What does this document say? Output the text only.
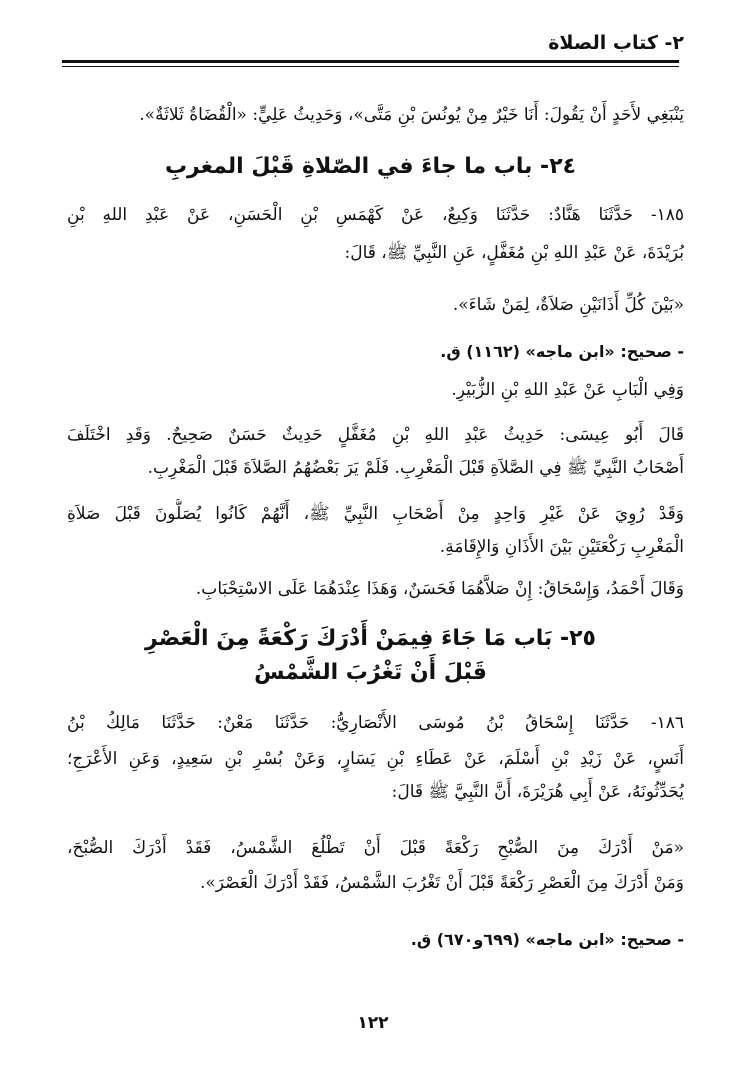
٢- كتاب الصلاة
يَنْبَغِي لأَحَدٍ أَنْ يَقُولَ: أَنَا خَيْرٌ مِنْ يُونُسَ بْنِ مَتَّى»، وَحَدِيثُ عَلِيٍّ: «الْقُضَاةُ ثَلاثَةٌ».
٢٤- باب ما جاءَ في الصّلاةِ قَبْلَ المغربِ
١٨٥- حَدَّثَنَا هَنَّادٌ: حَدَّثَنَا وَكِيعٌ، عَنْ كَهْمَسِ بْنِ الْحَسَنِ، عَنْ عَبْدِ اللهِ بْنِ
بُرَيْدَةَ، عَنْ عَبْدِ اللهِ بْنِ مُغَفَّلٍ، عَنِ النَّبِيِّ ﷺ، قَالَ:
«بَيْنَ كُلِّ أَذَانَيْنِ صَلاَةٌ، لِمَنْ شَاءَ».
- صحيح: «ابن ماجه» (١١٦٢) ق.
وَفِي الْبَابِ عَنْ عَبْدِ اللهِ بْنِ الزُّبَيْرِ.
قَالَ أَبُو عِيسَى: حَدِيثُ عَبْدِ اللهِ بْنِ مُغَفَّلٍ حَدِيثٌ حَسَنٌ صَحِيحٌ. وَقَدِ اخْتَلَفَ
أَصْحَابُ النَّبِيِّ ﷺ فِي الصَّلاَةِ قَبْلَ الْمَغْرِبِ. فَلَمْ يَرَ بَعْضُهُمُ الصَّلاَةَ قَبْلَ الْمَغْرِبِ.
وَقَدْ رُوِيَ عَنْ غَيْرِ وَاحِدٍ مِنْ أَصْحَابِ النَّبِيِّ ﷺ، أَنَّهُمْ كَانُوا يُصَلُّونَ قَبْلَ صَلاَةِ
الْمَغْرِبِ رَكْعَتَيْنِ بَيْنَ الأَذَانِ وَالإِقَامَةِ.
وَقَالَ أَحْمَدُ، وَإِسْحَاقُ: إِنْ صَلاَّهُمَا فَحَسَنٌ، وَهَذَا عِنْدَهُمَا عَلَى الاسْتِحْبَابِ.
٢٥- بَاب مَا جَاءَ فِيمَنْ أَدْرَكَ رَكْعَةً مِنَ الْعَصْرِ
قَبْلَ أَنْ تَغْرُبَ الشَّمْسُ
١٨٦- حَدَّثَنَا إِسْحَاقُ بْنُ مُوسَى الأَنْصَارِيُّ: حَدَّثَنَا مَعْنٌ: حَدَّثَنَا مَالِكُ بْنُ
أَنَسٍ، عَنْ زَيْدِ بْنِ أَسْلَمَ، عَنْ عَطَاءِ بْنِ يَسَارٍ، وَعَنْ بُسْرِ بْنِ سَعِيدٍ، وَعَنِ الأَعْرَجِ؛
يُحَدِّثُونَهُ، عَنْ أَبِي هُرَيْرَةَ، أَنَّ النَّبِيَّ ﷺ قَالَ:
«مَنْ أَدْرَكَ مِنَ الصُّبْحِ رَكْعَةً قَبْلَ أَنْ تَطْلُعَ الشَّمْسُ، فَقَدْ أَدْرَكَ الصُّبْحَ،
وَمَنْ أَدْرَكَ مِنَ الْعَصْرِ رَكْعَةً قَبْلَ أَنْ تَغْرُبَ الشَّمْسُ، فَقَدْ أَدْرَكَ الْعَصْرَ».
- صحيح: «ابن ماجه» (٦٩٩و٦٧٠) ق.
١٢٢
